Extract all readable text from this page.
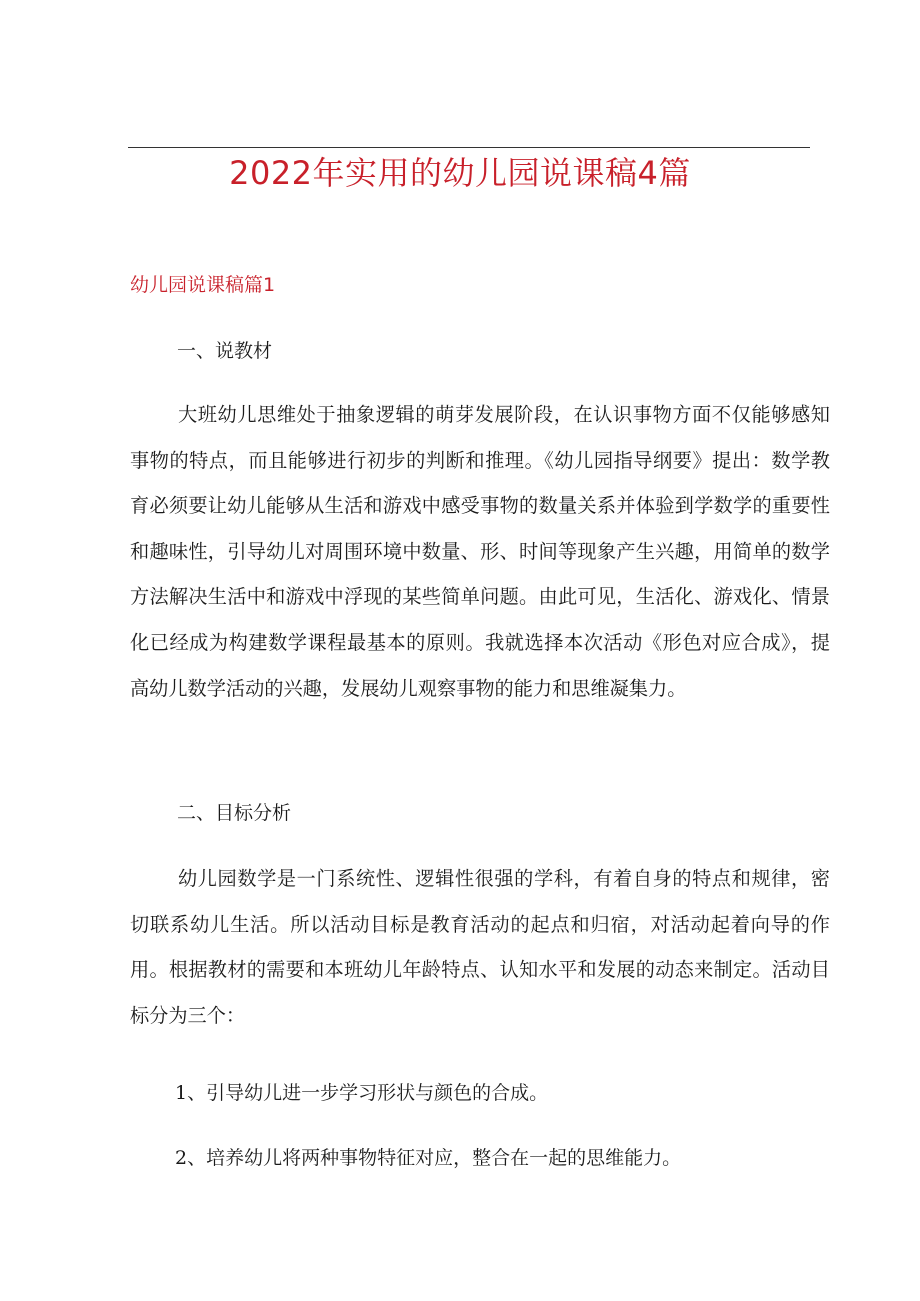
2022年实用的幼儿园说课稿4篇
幼儿园说课稿篇1
一、说教材

大班幼儿思维处于抽象逻辑的萌芽发展阶段，在认识事物方面不仅能够感知事物的特点，而且能够进行初步的判断和推理。《幼儿园指导纲要》提出：数学教育必须要让幼儿能够从生活和游戏中感受事物的数量关系并体验到学数学的重要性和趣味性，引导幼儿对周围环境中数量、形、时间等现象产生兴趣，用简单的数学方法解决生活中和游戏中浮现的某些简单问题。由此可见，生活化、游戏化、情景化已经成为构建数学课程最基本的原则。我就选择本次活动《形色对应合成》，提高幼儿数学活动的兴趣，发展幼儿观察事物的能力和思维凝集力。

二、目标分析

幼儿园数学是一门系统性、逻辑性很强的学科，有着自身的特点和规律，密切联系幼儿生活。所以活动目标是教育活动的起点和归宿，对活动起着向导的作用。根据教材的需要和本班幼儿年龄特点、认知水平和发展的动态来制定。活动目标分为三个：

1、引导幼儿进一步学习形状与颜色的合成。

2、培养幼儿将两种事物特征对应，整合在一起的思维能力。
